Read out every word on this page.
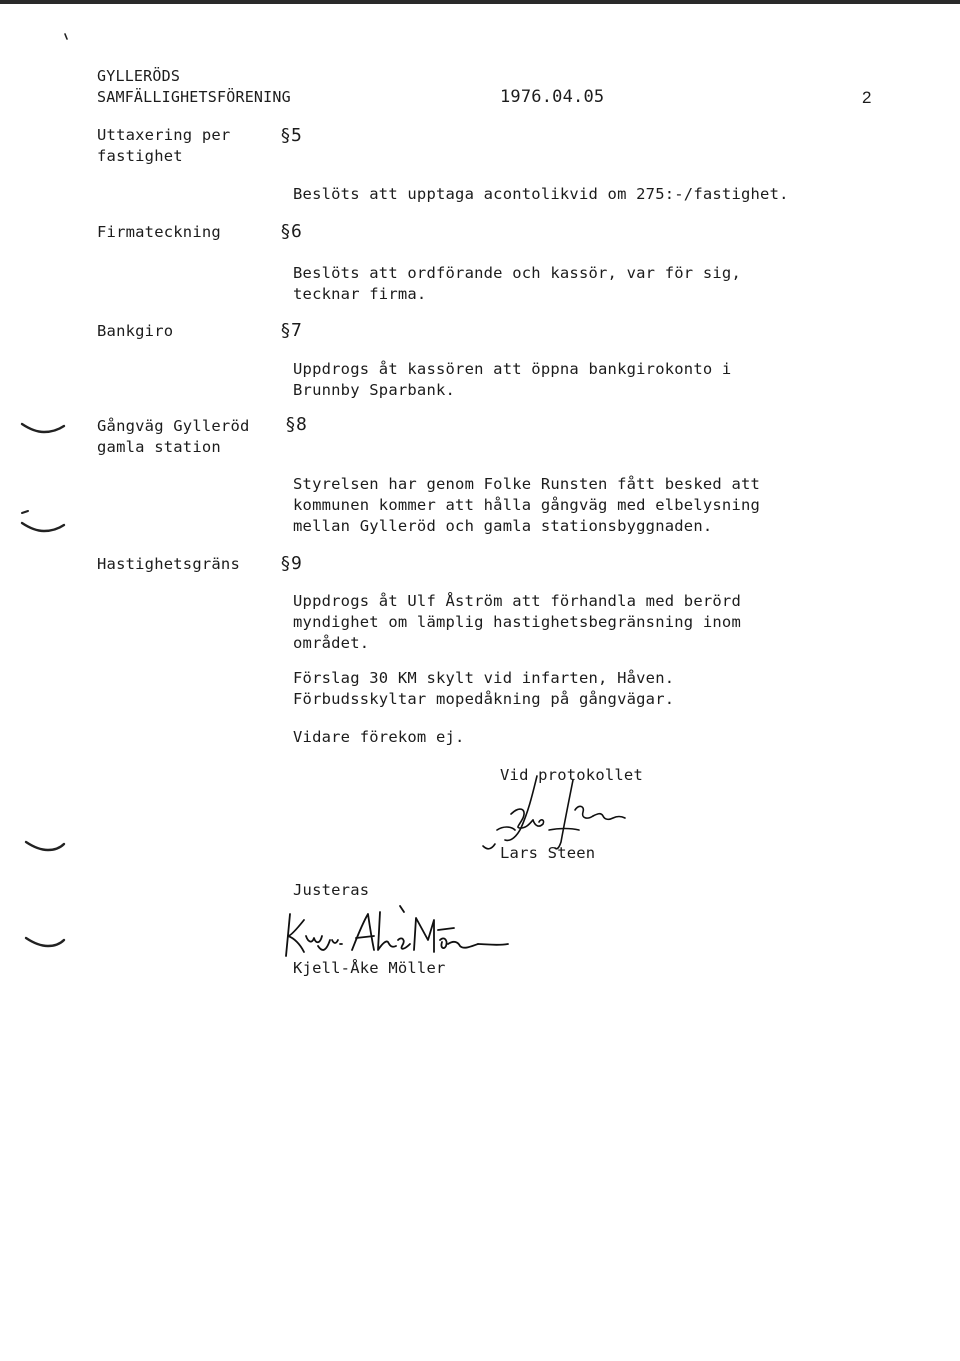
GYLLERÖDS
SAMFÄLLIGHETSFÖRENING	1976.04.05	2
Uttaxering per
fastighet
§5
Beslöts att upptaga acontolikvid om 275:-/fastighet.
Firmateckning	§6
Beslöts att ordförande och kassör, var för sig,
tecknar firma.
Bankgiro	§7
Uppdrogs åt kassören att öppna bankgirokonto i
Brunnby Sparbank.
Gångväg Gylleröd
gamla station
§8
Styrelsen har genom Folke Runsten fått besked att
kommunen kommer att hålla gångväg med elbelysning
mellan Gylleröd och gamla stationsbyggnaden.
Hastighetsgräns §9
Uppdrogs åt Ulf Åström att förhandla med berörd
myndighet om lämplig hastighetsbegränsning inom
området.
Förslag 30 KM skylt vid infarten, Håven.
Förbudsskyltar mopedåkning på gångvägar.
Vidare förekom ej.
Vid protokollet
Lars Steen
Justeras
Kjell-Åke Möller
